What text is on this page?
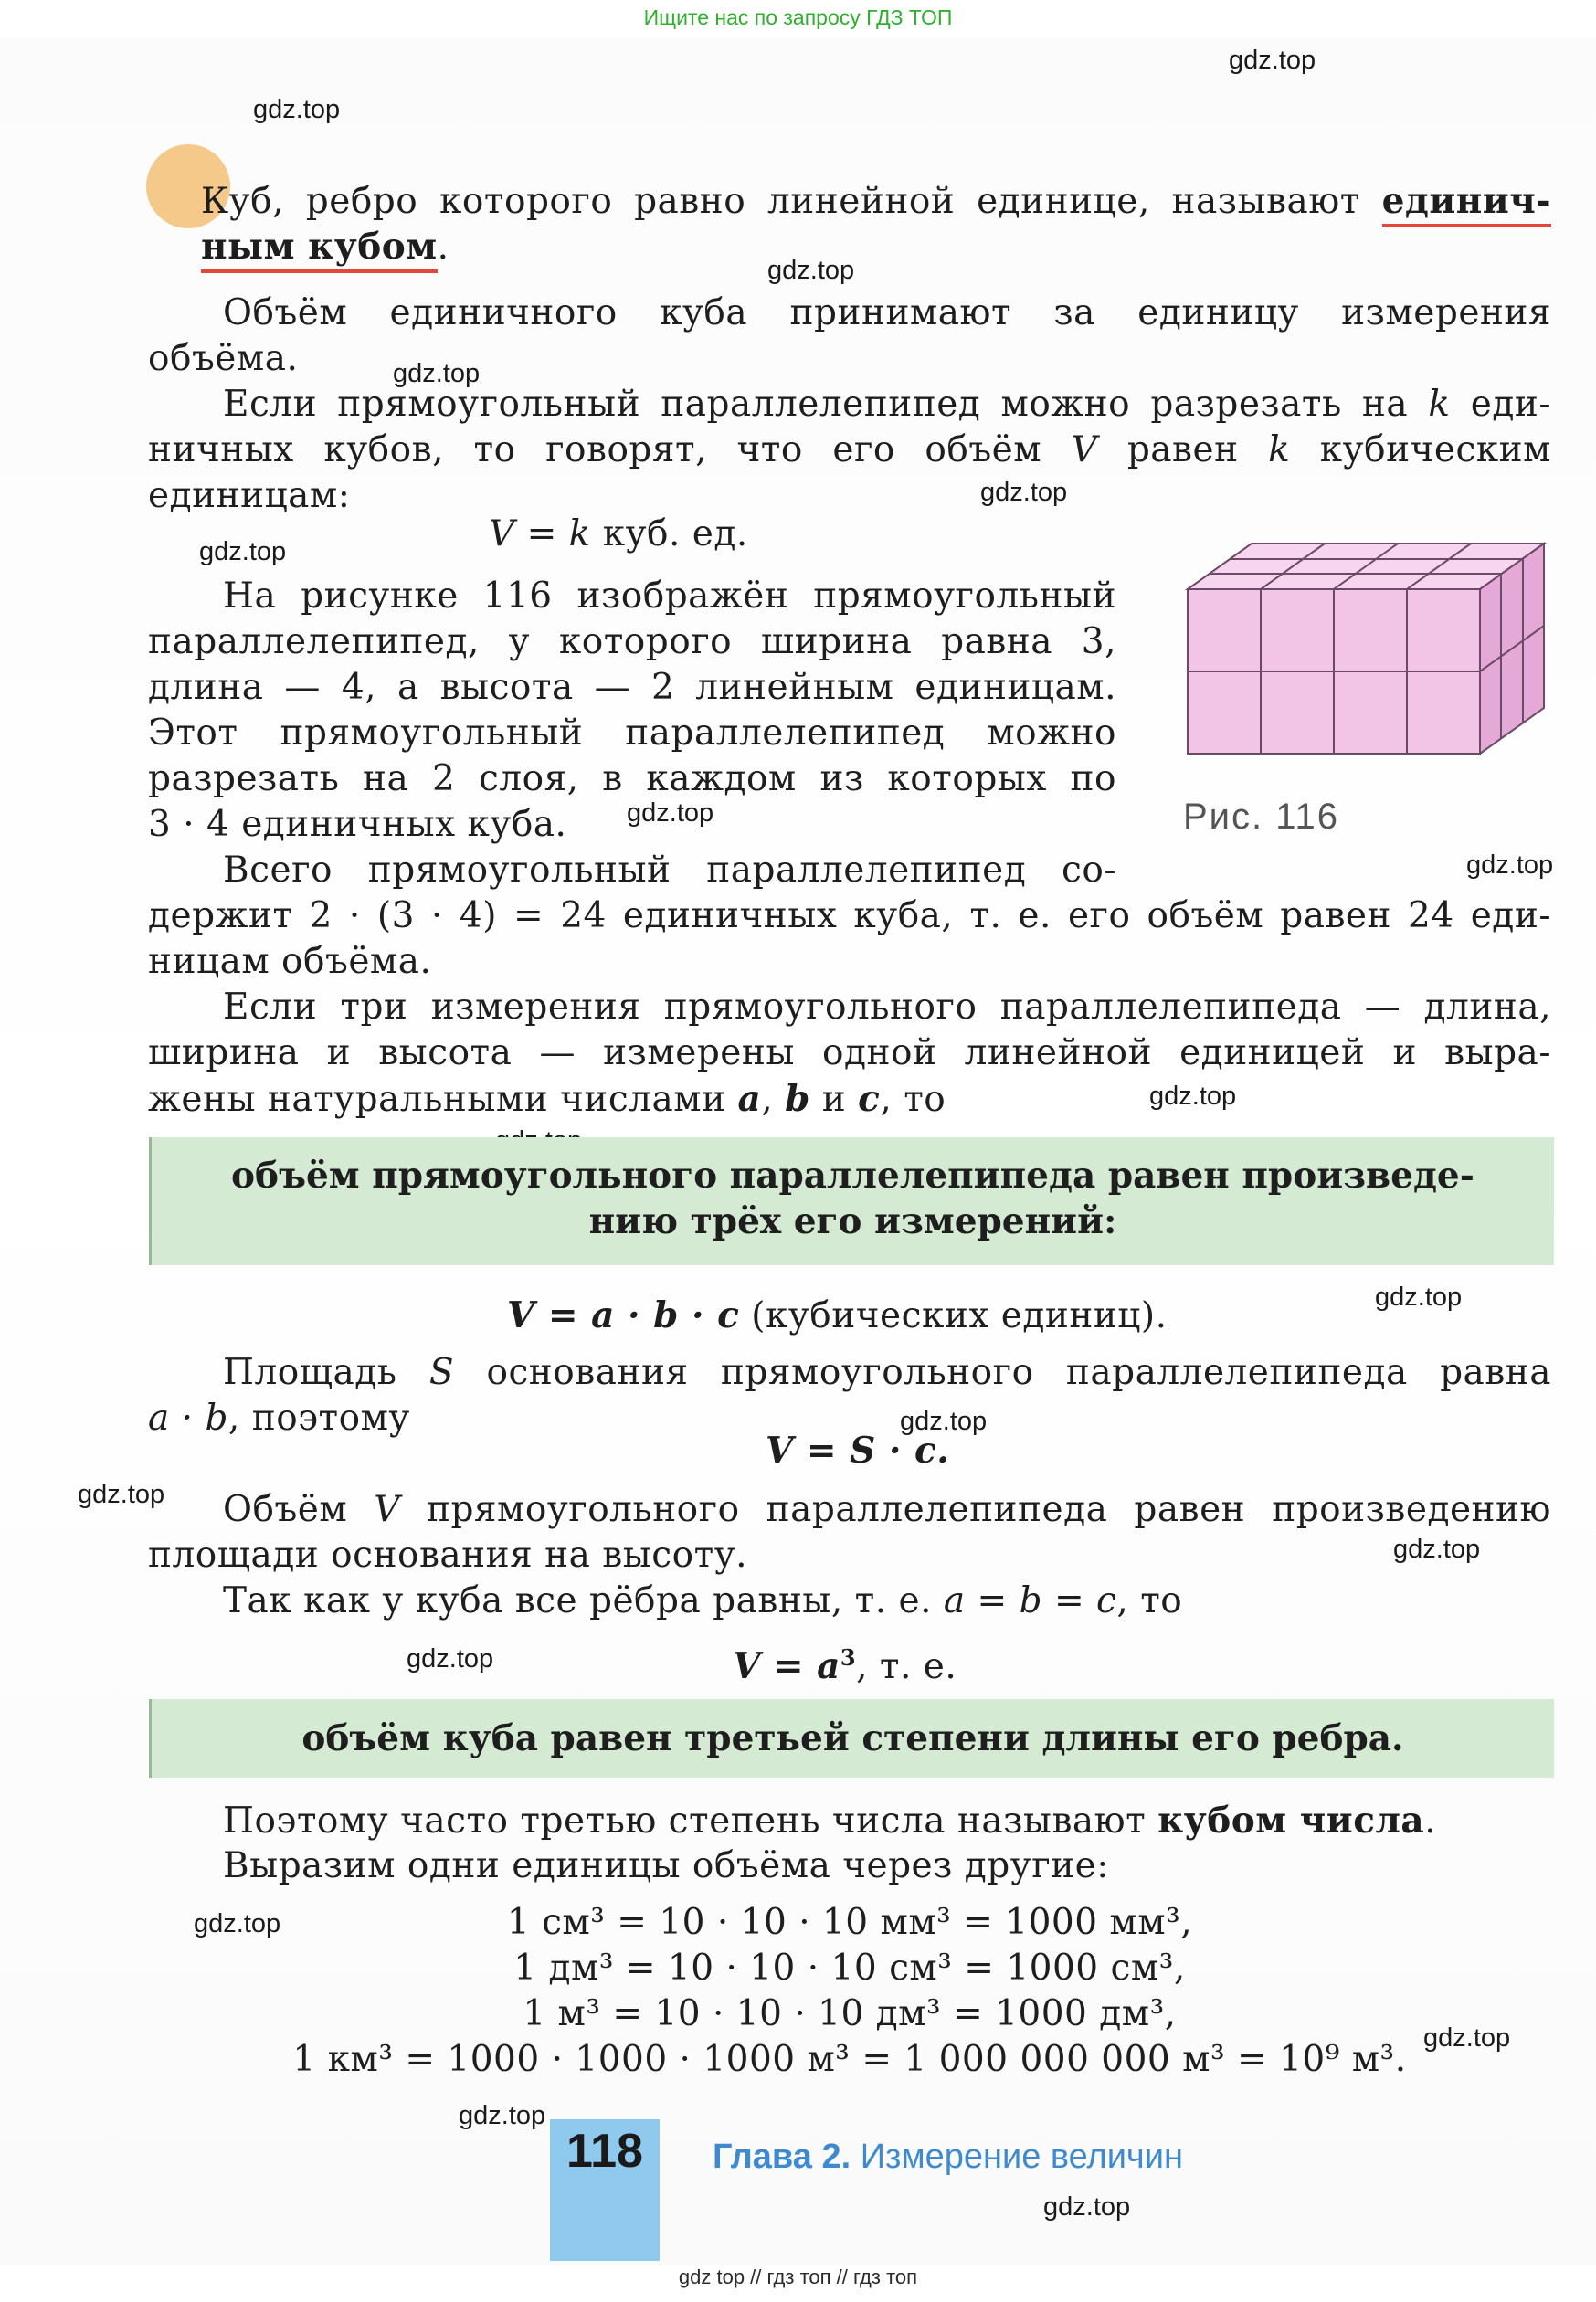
Ищите нас по запросу ГДЗ ТОП
gdz.top
gdz.top
gdz.top
gdz.top
gdz.top
gdz.top
gdz.top
gdz.top
gdz.top
gdz.top
gdz.top
gdz.top
gdz.top
gdz.top
gdz.top
gdz.top
gdz.top
gdz.top
Куб, ребро которого равно линейной единице, называют единич-
ным кубом.
Объём единичного куба принимают за единицу измерения
объёма.
Если прямоугольный параллелепипед можно разрезать на k еди-
ничных кубов, то говорят, что его объём V равен k кубическим
единицам:
V = k куб. ед.
На рисунке 116 изображён прямоугольный
параллелепипед, у которого ширина равна 3,
длина — 4, а высота — 2 линейным единицам.
Этот прямоугольный параллелепипед можно
разрезать на 2 слоя, в каждом из которых по
3 · 4 единичных куба.	Рис. 116
Всего прямоугольный параллелепипед со-
держит 2 · (3 · 4) = 24 единичных куба, т. е. его объём равен 24 еди-
ницам объёма.
Если три измерения прямоугольного параллелепипеда — длина,
ширина и высота — измерены одной линейной единицей и выра-
жены натуральными числами a, b и c, то
объём прямоугольного параллелепипеда равен произведе-
нию трёх его измерений:
V = a · b · c (кубических единиц).
Площадь S основания прямоугольного параллелепипеда равна
a · b, поэтому
V = S · c.
Объём V прямоугольного параллелепипеда равен произведению
площади основания на высоту.
Так как у куба все рёбра равны, т. е. a = b = c, то
$V = a^3$, т. е.
объём куба равен третьей степени длины его ребра.
Поэтому часто третью степень числа называют кубом числа.
Выразим одни единицы объёма через другие:
1 см³ = 10 · 10 · 10 мм³ = 1000 мм³,
1 дм³ = 10 · 10 · 10 см³ = 1000 см³,
1 м³ = 10 · 10 · 10 дм³ = 1000 дм³,
1 км³ = 1000 · 1000 · 1000 м³ = 1 000 000 000 м³ = 10⁹ м³.
118	Глава 2. Измерение величин
gdz top // гдз топ // гдз топ
